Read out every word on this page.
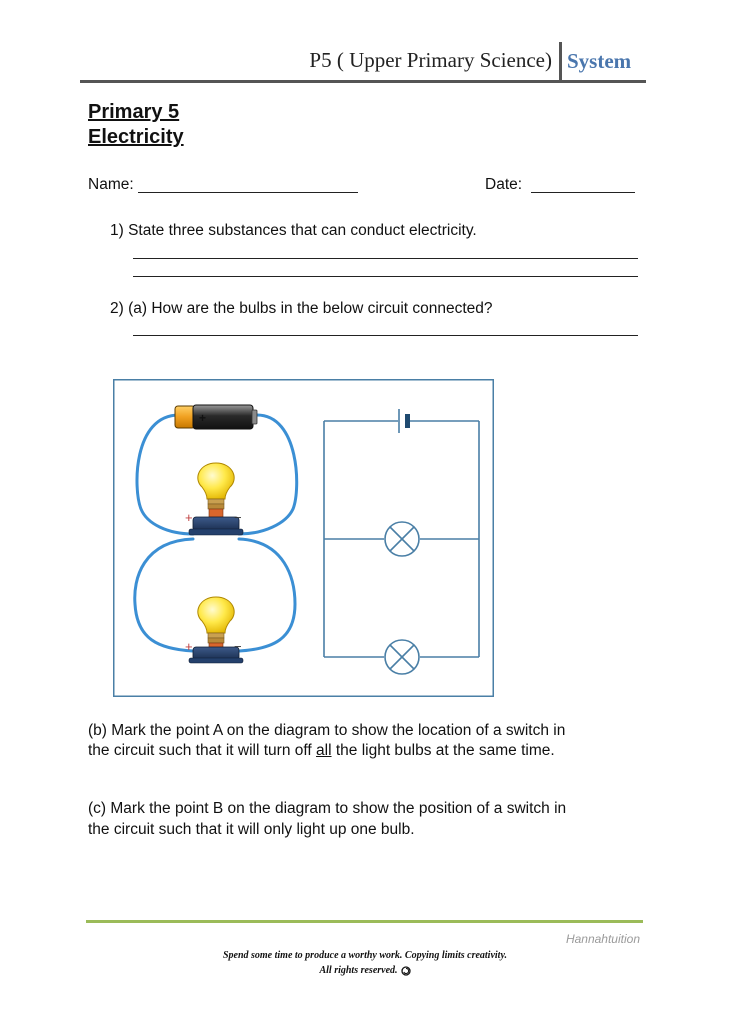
P5 ( Upper Primary Science) System
Primary 5
Electricity
Name:	Date:
1) State three substances that can conduct electricity.
2) (a) How are the bulbs in the below circuit connected?
+
+	−
+	−
(b) Mark the point A on the diagram to show the location of a switch in
the circuit such that it will turn off all the light bulbs at the same time.
(c) Mark the point B on the diagram to show the position of a switch in
the circuit such that it will only light up one bulb.
Hannahtuition
Spend some time to produce a worthy work. Copying limits creativity.
All rights reserved.
